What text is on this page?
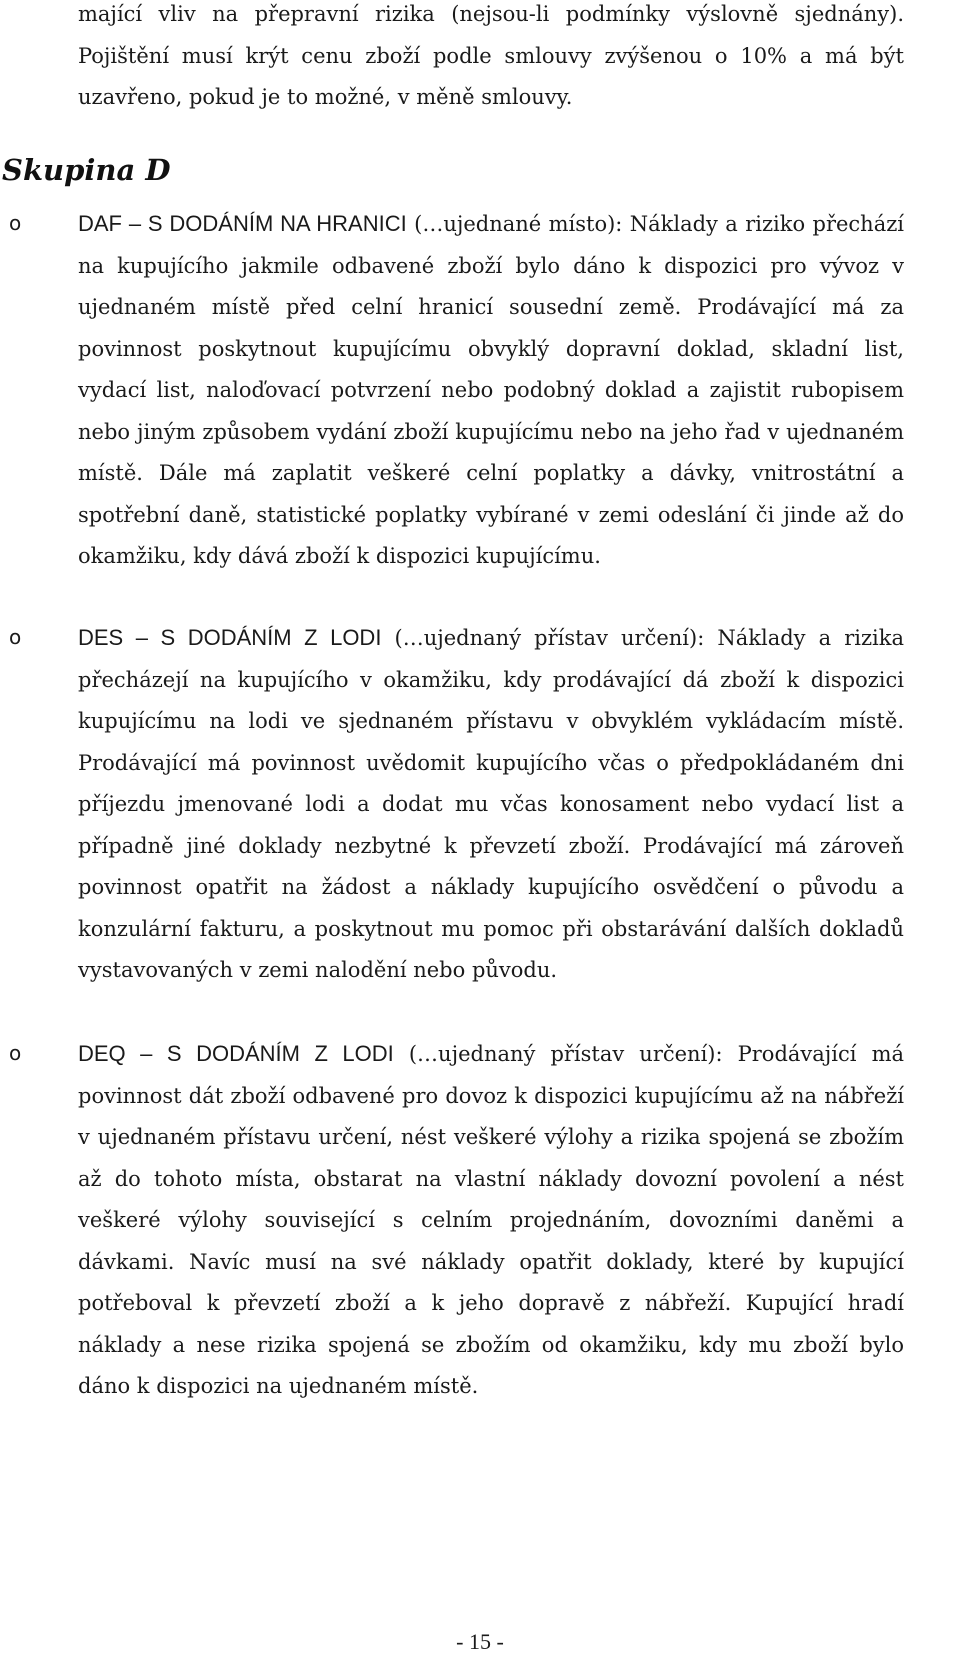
mající vliv na přepravní rizika (nejsou-li podmínky výslovně sjednány). Pojištění musí krýt cenu zboží podle smlouvy zvýšenou o 10% a má být uzavřeno, pokud je to možné, v měně smlouvy.

Skupina D
o	DAF – S DODÁNÍM NA HRANICI (…ujednané místo): Náklady a riziko přechází na kupujícího jakmile odbavené zboží bylo dáno k dispozici pro vývoz v ujednaném místě před celní hranicí sousední země. Prodávající má za povinnost poskytnout kupujícímu obvyklý dopravní doklad, skladní list, vydací list, naloďovací potvrzení nebo podobný doklad a zajistit rubopisem nebo jiným způsobem vydání zboží kupujícímu nebo na jeho řad v ujednaném místě. Dále má zaplatit veškeré celní poplatky a dávky, vnitrostátní a spotřební daně, statistické poplatky vybírané v zemi odeslání či jinde až do okamžiku, kdy dává zboží k dispozici kupujícímu.

o	DES – S DODÁNÍM Z LODI (…ujednaný přístav určení): Náklady a rizika přecházejí na kupujícího v okamžiku, kdy prodávající dá zboží k dispozici kupujícímu na lodi ve sjednaném přístavu v obvyklém vykládacím místě. Prodávající má povinnost uvědomit kupujícího včas o předpokládaném dni příjezdu jmenované lodi a dodat mu včas konosament nebo vydací list a případně jiné doklady nezbytné k převzetí zboží. Prodávající má zároveň povinnost opatřit na žádost a náklady kupujícího osvědčení o původu a konzulární fakturu, a poskytnout mu pomoc při obstarávání dalších dokladů vystavovaných v zemi nalodění nebo původu.

o	DEQ – S DODÁNÍM Z LODI (…ujednaný přístav určení): Prodávající má povinnost dát zboží odbavené pro dovoz k dispozici kupujícímu až na nábřeží v ujednaném přístavu určení, nést veškeré výlohy a rizika spojená se zbožím až do tohoto místa, obstarat na vlastní náklady dovozní povolení a nést veškeré výlohy související s celním projednáním, dovozními daněmi a dávkami. Navíc musí na své náklady opatřit doklady, které by kupující potřeboval k převzetí zboží a k jeho dopravě z nábřeží. Kupující hradí náklady a nese rizika spojená se zbožím od okamžiku, kdy mu zboží bylo dáno k dispozici na ujednaném místě.

- 15 -
